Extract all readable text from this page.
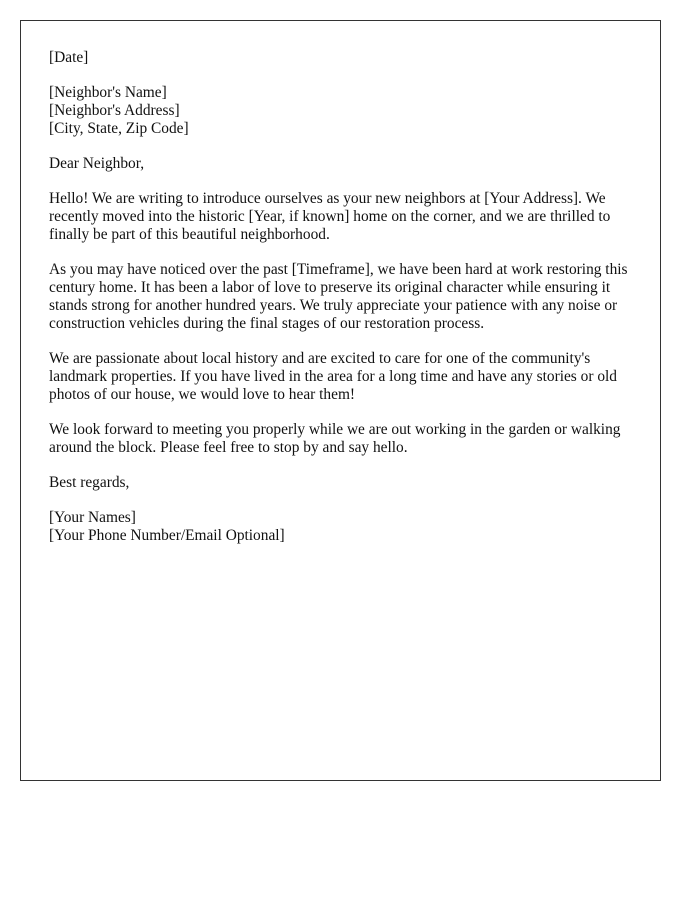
[Date]

[Neighbor's Name]
[Neighbor's Address]
[City, State, Zip Code]

Dear Neighbor,

Hello! We are writing to introduce ourselves as your new neighbors at [Your Address]. We recently moved into the historic [Year, if known] home on the corner, and we are thrilled to finally be part of this beautiful neighborhood.

As you may have noticed over the past [Timeframe], we have been hard at work restoring this century home. It has been a labor of love to preserve its original character while ensuring it stands strong for another hundred years. We truly appreciate your patience with any noise or construction vehicles during the final stages of our restoration process.

We are passionate about local history and are excited to care for one of the community's landmark properties. If you have lived in the area for a long time and have any stories or old photos of our house, we would love to hear them!

We look forward to meeting you properly while we are out working in the garden or walking around the block. Please feel free to stop by and say hello.

Best regards,

[Your Names]
[Your Phone Number/Email Optional]
